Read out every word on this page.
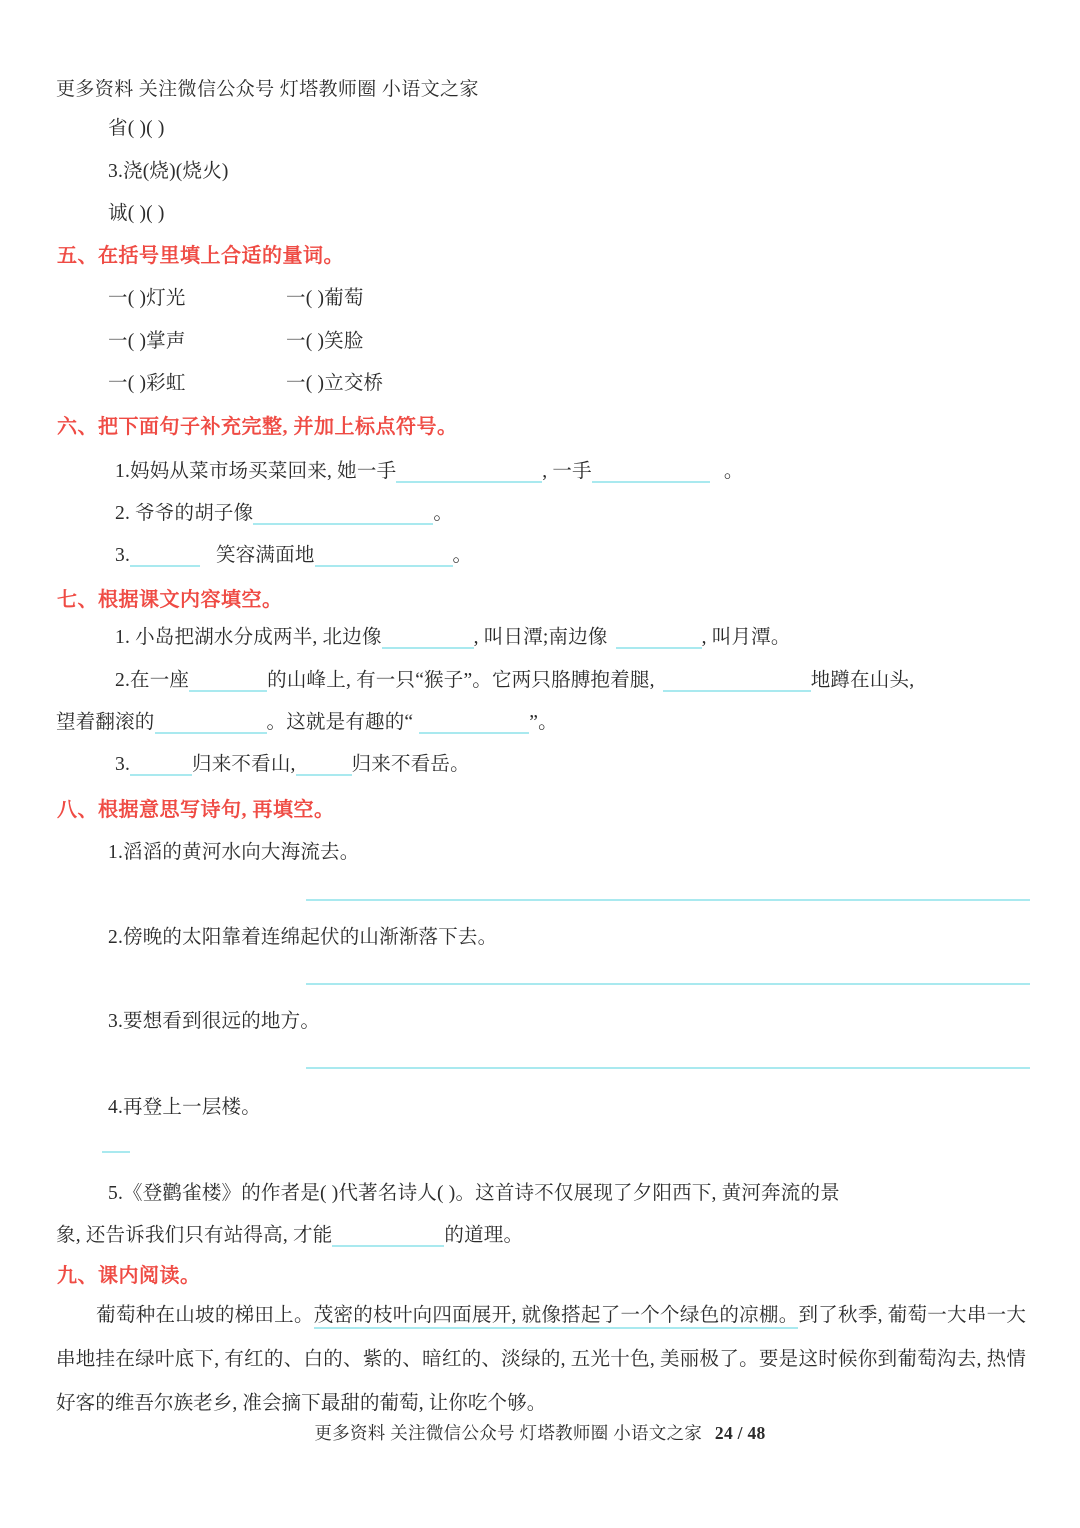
更多资料 关注微信公众号 灯塔教师圈 小语文之家
省( )( )
3.浇(烧)(烧火)
诚( )( )
五、在括号里填上合适的量词。
一( )灯光	一( )葡萄
一( )掌声	一( )笑脸
一( )彩虹	一( )立交桥
六、把下面句子补充完整, 并加上标点符号。
1.妈妈从菜市场买菜回来, 她一手	, 一手	。
2. 爷爷的胡子像	。
3.	笑容满面地	。
七、根据课文内容填空。
1. 小岛把湖水分成两半, 北边像	, 叫日潭;南边像	, 叫月潭。
2.在一座	的山峰上, 有一只“猴子”。它两只胳膊抱着腿,	地蹲在山头,
望着翻滚的	。这就是有趣的“	”。
3.	归来不看山,	归来不看岳。
八、根据意思写诗句, 再填空。
1.滔滔的黄河水向大海流去。
2.傍晚的太阳靠着连绵起伏的山渐渐落下去。
3.要想看到很远的地方。
4.再登上一层楼。
5.《登鹳雀楼》的作者是( )代著名诗人( )。这首诗不仅展现了夕阳西下, 黄河奔流的景
象, 还告诉我们只有站得高, 才能	的道理。
九、课内阅读。
葡萄种在山坡的梯田上。茂密的枝叶向四面展开, 就像搭起了一个个绿色的凉棚。到了秋季, 葡萄一大串一大串地挂在绿叶底下, 有红的、白的、紫的、暗红的、淡绿的, 五光十色, 美丽极了。要是这时候你到葡萄沟去, 热情好客的维吾尔族老乡, 准会摘下最甜的葡萄, 让你吃个够。
更多资料 关注微信公众号 灯塔教师圈 小语文之家 24 / 48
